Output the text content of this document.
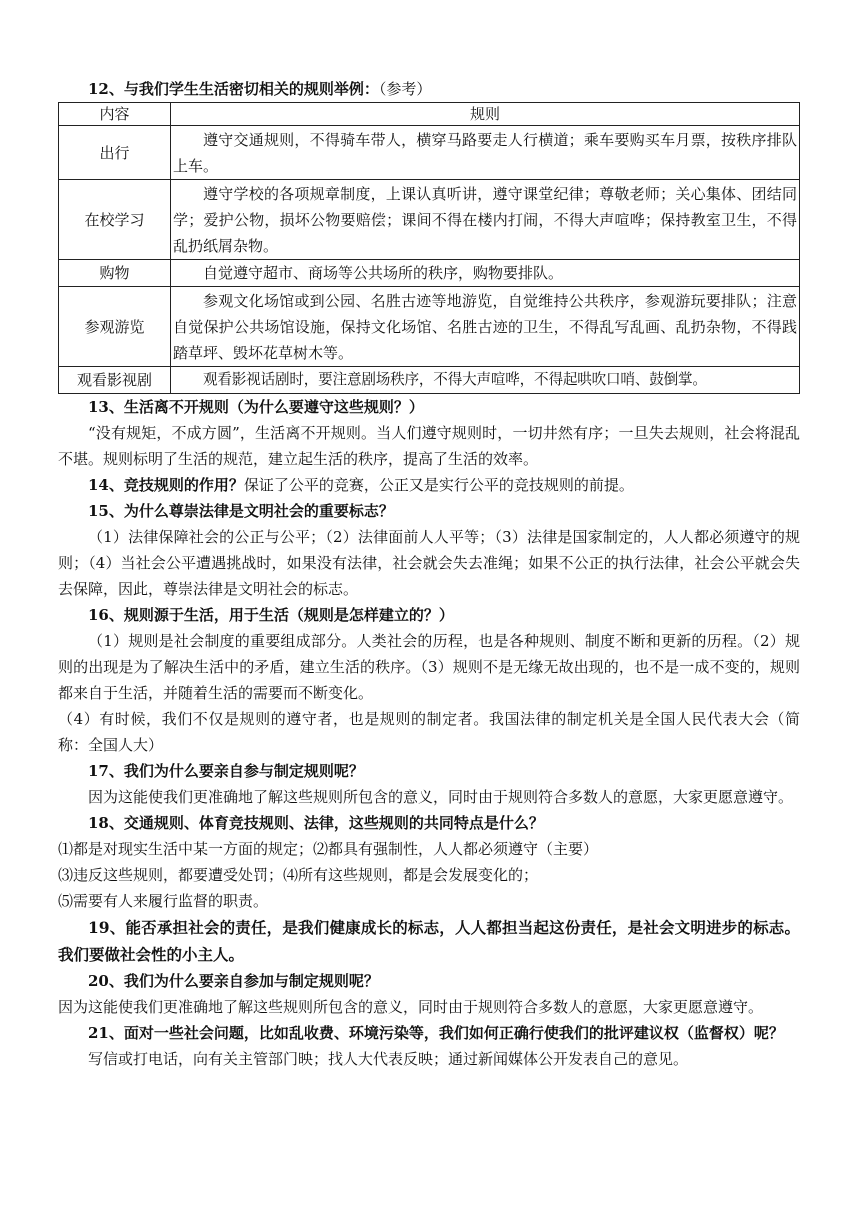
12、与我们学生生活密切相关的规则举例：（参考）

内容	规则
出行	遵守交通规则，不得骑车带人，横穿马路要走人行横道；乘车要购买车月票，按秩序排队上车。
在校学习	遵守学校的各项规章制度，上课认真听讲，遵守课堂纪律；尊敬老师；关心集体、团结同学；爱护公物，损坏公物要赔偿；课间不得在楼内打闹，不得大声喧哗；保持教室卫生，不得乱扔纸屑杂物。
购物	自觉遵守超市、商场等公共场所的秩序，购物要排队。
参观游览	参观文化场馆或到公园、名胜古迹等地游览，自觉维持公共秩序，参观游玩要排队；注意自觉保护公共场馆设施，保持文化场馆、名胜古迹的卫生，不得乱写乱画、乱扔杂物，不得践踏草坪、毁坏花草树木等。
观看影视剧	观看影视话剧时，要注意剧场秩序，不得大声喧哗，不得起哄吹口哨、鼓倒掌。

13、生活离不开规则（为什么要遵守这些规则？）

“没有规矩，不成方圆”，生活离不开规则。当人们遵守规则时，一切井然有序；一旦失去规则，社会将混乱不堪。规则标明了生活的规范，建立起生活的秩序，提高了生活的效率。

14、竞技规则的作用？保证了公平的竞赛，公正又是实行公平的竞技规则的前提。

15、为什么尊崇法律是文明社会的重要标志？

（1）法律保障社会的公正与公平；（2）法律面前人人平等；（3）法律是国家制定的，人人都必须遵守的规则；（4）当社会公平遭遇挑战时，如果没有法律，社会就会失去准绳；如果不公正的执行法律，社会公平就会失去保障，因此，尊崇法律是文明社会的标志。

16、规则源于生活，用于生活（规则是怎样建立的？）

（1）规则是社会制度的重要组成部分。人类社会的历程，也是各种规则、制度不断和更新的历程。（2）规则的出现是为了解决生活中的矛盾，建立生活的秩序。（3）规则不是无缘无故出现的，也不是一成不变的，规则都来自于生活，并随着生活的需要而不断变化。

（4）有时候，我们不仅是规则的遵守者，也是规则的制定者。我国法律的制定机关是全国人民代表大会（简称：全国人大）

17、我们为什么要亲自参与制定规则呢？

因为这能使我们更准确地了解这些规则所包含的意义，同时由于规则符合多数人的意愿，大家更愿意遵守。

18、交通规则、体育竞技规则、法律，这些规则的共同特点是什么？

⑴都是对现实生活中某一方面的规定；⑵都具有强制性，人人都必须遵守（主要）

⑶违反这些规则，都要遭受处罚；⑷所有这些规则，都是会发展变化的；

⑸需要有人来履行监督的职责。

19、能否承担社会的责任，是我们健康成长的标志，人人都担当起这份责任，是社会文明进步的标志。我们要做社会性的小主人。

20、我们为什么要亲自参加与制定规则呢？

因为这能使我们更准确地了解这些规则所包含的意义，同时由于规则符合多数人的意愿，大家更愿意遵守。

21、面对一些社会问题，比如乱收费、环境污染等，我们如何正确行使我们的批评建议权（监督权）呢？

写信或打电话，向有关主管部门映；找人大代表反映；通过新闻媒体公开发表自己的意见。
